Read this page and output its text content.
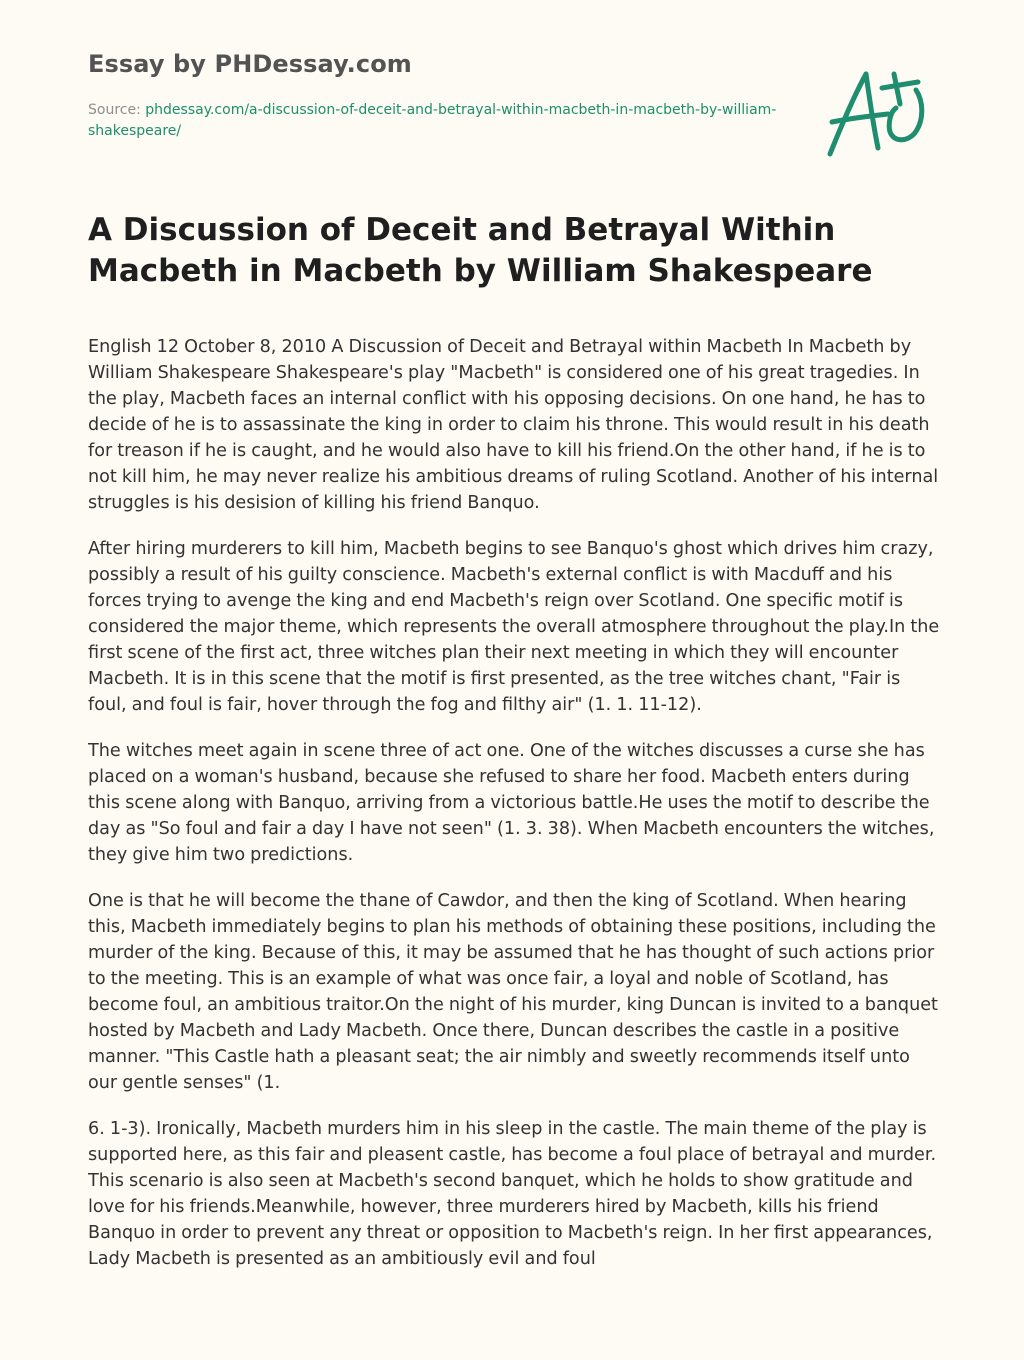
Essay by PHDessay.com
Source: phdessay.com/a-discussion-of-deceit-and-betrayal-within-macbeth-in-macbeth-by-william-shakespeare/
A Discussion of Deceit and Betrayal Within Macbeth in Macbeth by William Shakespeare

English 12 October 8, 2010 A Discussion of Deceit and Betrayal within Macbeth In Macbeth by William Shakespeare Shakespeare's play "Macbeth" is considered one of his great tragedies. In the play, Macbeth faces an internal conflict with his opposing decisions. On one hand, he has to decide of he is to assassinate the king in order to claim his throne. This would result in his death for treason if he is caught, and he would also have to kill his friend.On the other hand, if he is to not kill him, he may never realize his ambitious dreams of ruling Scotland. Another of his internal struggles is his desision of killing his friend Banquo.

After hiring murderers to kill him, Macbeth begins to see Banquo's ghost which drives him crazy, possibly a result of his guilty conscience. Macbeth's external conflict is with Macduff and his forces trying to avenge the king and end Macbeth's reign over Scotland. One specific motif is considered the major theme, which represents the overall atmosphere throughout the play.In the first scene of the first act, three witches plan their next meeting in which they will encounter Macbeth. It is in this scene that the motif is first presented, as the tree witches chant, "Fair is foul, and foul is fair, hover through the fog and filthy air" (1. 1. 11-12).

The witches meet again in scene three of act one. One of the witches discusses a curse she has placed on a woman's husband, because she refused to share her food. Macbeth enters during this scene along with Banquo, arriving from a victorious battle.He uses the motif to describe the day as "So foul and fair a day I have not seen" (1. 3. 38). When Macbeth encounters the witches, they give him two predictions.

One is that he will become the thane of Cawdor, and then the king of Scotland. When hearing this, Macbeth immediately begins to plan his methods of obtaining these positions, including the murder of the king. Because of this, it may be assumed that he has thought of such actions prior to the meeting. This is an example of what was once fair, a loyal and noble of Scotland, has become foul, an ambitious traitor.On the night of his murder, king Duncan is invited to a banquet hosted by Macbeth and Lady Macbeth. Once there, Duncan describes the castle in a positive manner. "This Castle hath a pleasant seat; the air nimbly and sweetly recommends itself unto our gentle senses" (1.

6. 1-3). Ironically, Macbeth murders him in his sleep in the castle. The main theme of the play is supported here, as this fair and pleasent castle, has become a foul place of betrayal and murder. This scenario is also seen at Macbeth's second banquet, which he holds to show gratitude and love for his friends.Meanwhile, however, three murderers hired by Macbeth, kills his friend Banquo in order to prevent any threat or opposition to Macbeth's reign. In her first appearances, Lady Macbeth is presented as an ambitiously evil and foul
